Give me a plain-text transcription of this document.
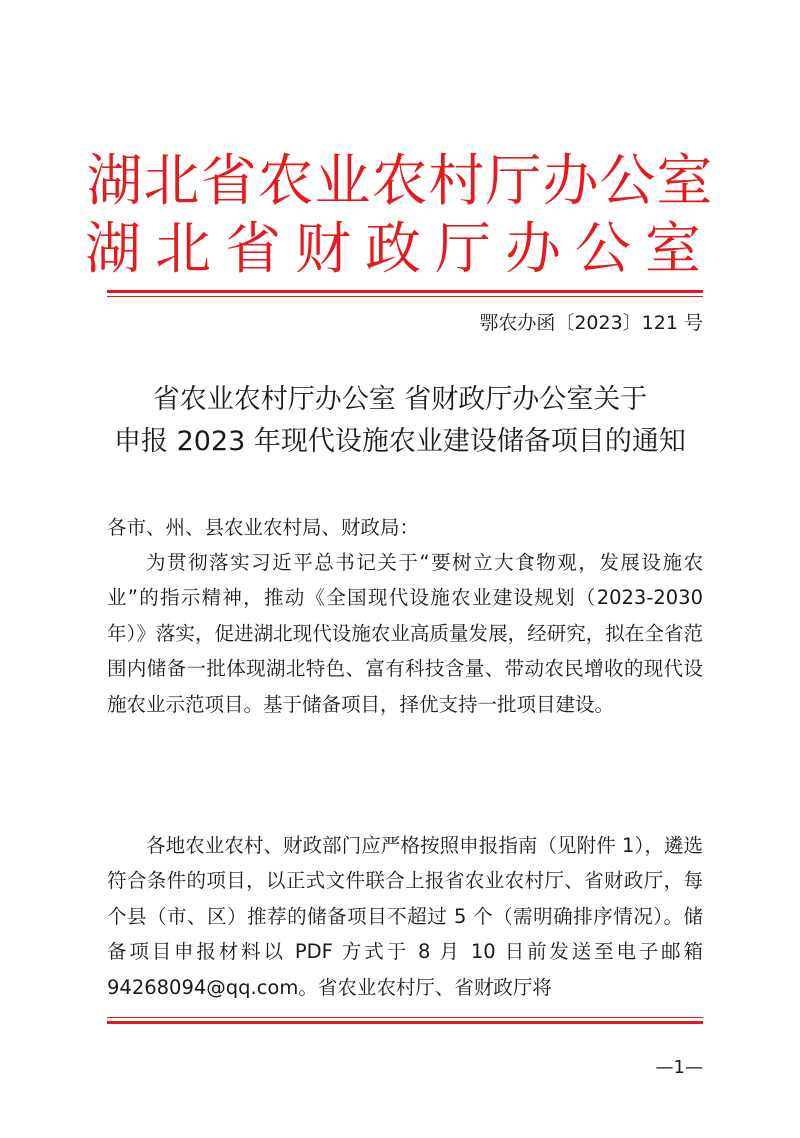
湖北省农业农村厅办公室
湖北省财政厅办公室
鄂农办函〔2023〕121 号
省农业农村厅办公室 省财政厅办公室关于
申报 2023 年现代设施农业建设储备项目的通知
各市、州、县农业农村局、财政局：
为贯彻落实习近平总书记关于“要树立大食物观，发展设施农业”的指示精神，推动《全国现代设施农业建设规划（2023-2030 年）》落实，促进湖北现代设施农业高质量发展，经研究，拟在全省范围内储备一批体现湖北特色、富有科技含量、带动农民增收的现代设施农业示范项目。基于储备项目，择优支持一批项目建设。
各地农业农村、财政部门应严格按照申报指南（见附件 1），遴选符合条件的项目，以正式文件联合上报省农业农村厅、省财政厅，每个县（市、区）推荐的储备项目不超过 5 个（需明确排序情况）。储备项目申报材料以 PDF 方式于 8 月 10 日前发送至电子邮箱 94268094@qq.com。省农业农村厅、省财政厅将
—1—
